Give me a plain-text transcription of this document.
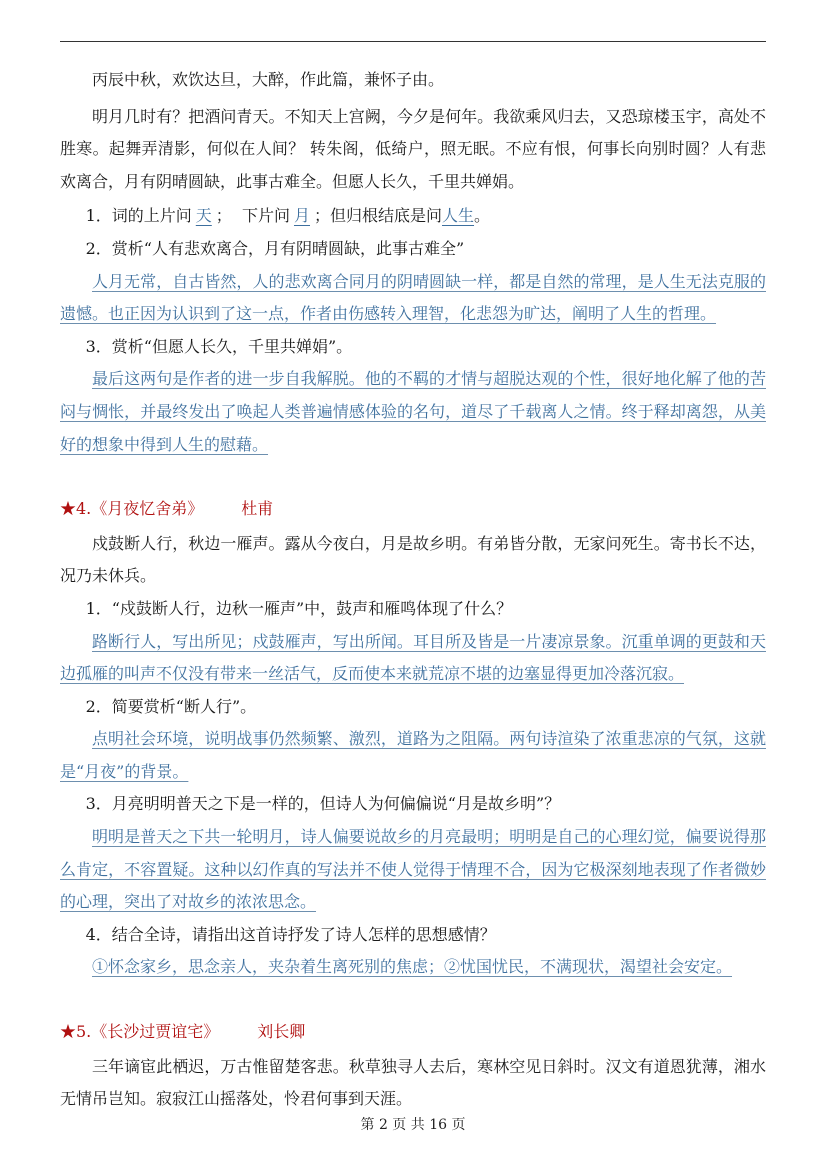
丙辰中秋，欢饮达旦，大醉，作此篇，兼怀子由。

明月几时有？把酒问青天。不知天上宫阙，今夕是何年。我欲乘风归去，又恐琼楼玉宇，高处不胜寒。起舞弄清影，何似在人间？ 转朱阁，低绮户，照无眠。不应有恨，何事长向别时圆？人有悲欢离合，月有阴晴圆缺，此事古难全。但愿人长久，千里共婵娟。

1．词的上片问 天 ；  下片问 月 ；但归根结底是问人生。

2．赏析“人有悲欢离合，月有阴晴圆缺，此事古难全”

人月无常，自古皆然，人的悲欢离合同月的阴晴圆缺一样，都是自然的常理，是人生无法克服的遗憾。也正因为认识到了这一点，作者由伤感转入理智，化悲怨为旷达，阐明了人生的哲理。

3．赏析“但愿人长久，千里共婵娟”。

最后这两句是作者的进一步自我解脱。他的不羁的才情与超脱达观的个性，很好地化解了他的苦闷与惆怅，并最终发出了唤起人类普遍情感体验的名句，道尽了千载离人之情。终于释却离怨，从美好的想象中得到人生的慰藉。

★4.《月夜忆舍弟》 杜甫

戍鼓断人行，秋边一雁声。露从今夜白，月是故乡明。有弟皆分散，无家问死生。寄书长不达，况乃未休兵。

1．“戍鼓断人行，边秋一雁声”中，鼓声和雁鸣体现了什么？

路断行人，写出所见；戍鼓雁声，写出所闻。耳目所及皆是一片凄凉景象。沉重单调的更鼓和天边孤雁的叫声不仅没有带来一丝活气，反而使本来就荒凉不堪的边塞显得更加冷落沉寂。

2．简要赏析“断人行”。

点明社会环境，说明战事仍然频繁、激烈，道路为之阻隔。两句诗渲染了浓重悲凉的气氛，这就是“月夜”的背景。

3．月亮明明普天之下是一样的，但诗人为何偏偏说“月是故乡明”？

明明是普天之下共一轮明月，诗人偏要说故乡的月亮最明；明明是自己的心理幻觉，偏要说得那么肯定，不容置疑。这种以幻作真的写法并不使人觉得于情理不合，因为它极深刻地表现了作者微妙的心理，突出了对故乡的浓浓思念。

4．结合全诗，请指出这首诗抒发了诗人怎样的思想感情？

①怀念家乡，思念亲人，夹杂着生离死别的焦虑；②忧国忧民，不满现状，渴望社会安定。

★5.《长沙过贾谊宅》 刘长卿

三年谪宦此栖迟，万古惟留楚客悲。秋草独寻人去后，寒林空见日斜时。汉文有道恩犹薄，湘水无情吊岂知。寂寂江山摇落处，怜君何事到天涯。

第 2 页 共 16 页
